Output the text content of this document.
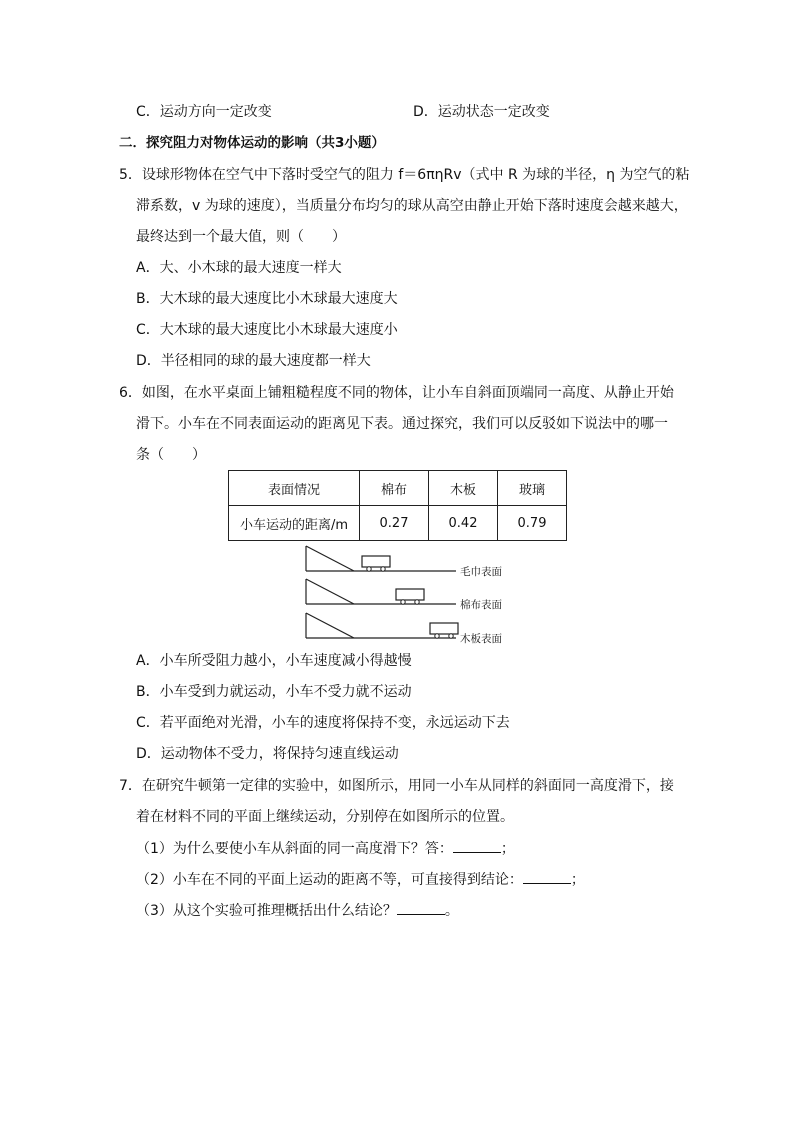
C．运动方向一定改变	D．运动状态一定改变
二．探究阻力对物体运动的影响（共3小题）
5．设球形物体在空气中下落时受空气的阻力 f＝6πηRv（式中 R 为球的半径，η 为空气的粘
滞系数，v 为球的速度），当质量分布均匀的球从高空由静止开始下落时速度会越来越大，
最终达到一个最大值，则（　　）
A．大、小木球的最大速度一样大
B．大木球的最大速度比小木球最大速度大
C．大木球的最大速度比小木球最大速度小
D．半径相同的球的最大速度都一样大
6．如图，在水平桌面上铺粗糙程度不同的物体，让小车自斜面顶端同一高度、从静止开始
滑下。小车在不同表面运动的距离见下表。通过探究，我们可以反驳如下说法中的哪一
条（　　）
表面情况	棉布	木板	玻璃
小车运动的距离/m	0.27	0.42	0.79
毛巾表面
棉布表面
木板表面
A．小车所受阻力越小，小车速度减小得越慢
B．小车受到力就运动，小车不受力就不运动
C．若平面绝对光滑，小车的速度将保持不变，永远运动下去
D．运动物体不受力，将保持匀速直线运动
7．在研究牛顿第一定律的实验中，如图所示，用同一小车从同样的斜面同一高度滑下，接
着在材料不同的平面上继续运动，分别停在如图所示的位置。
（1）为什么要使小车从斜面的同一高度滑下？答：	；
（2）小车在不同的平面上运动的距离不等，可直接得到结论：	；
（3）从这个实验可推理概括出什么结论？	。
